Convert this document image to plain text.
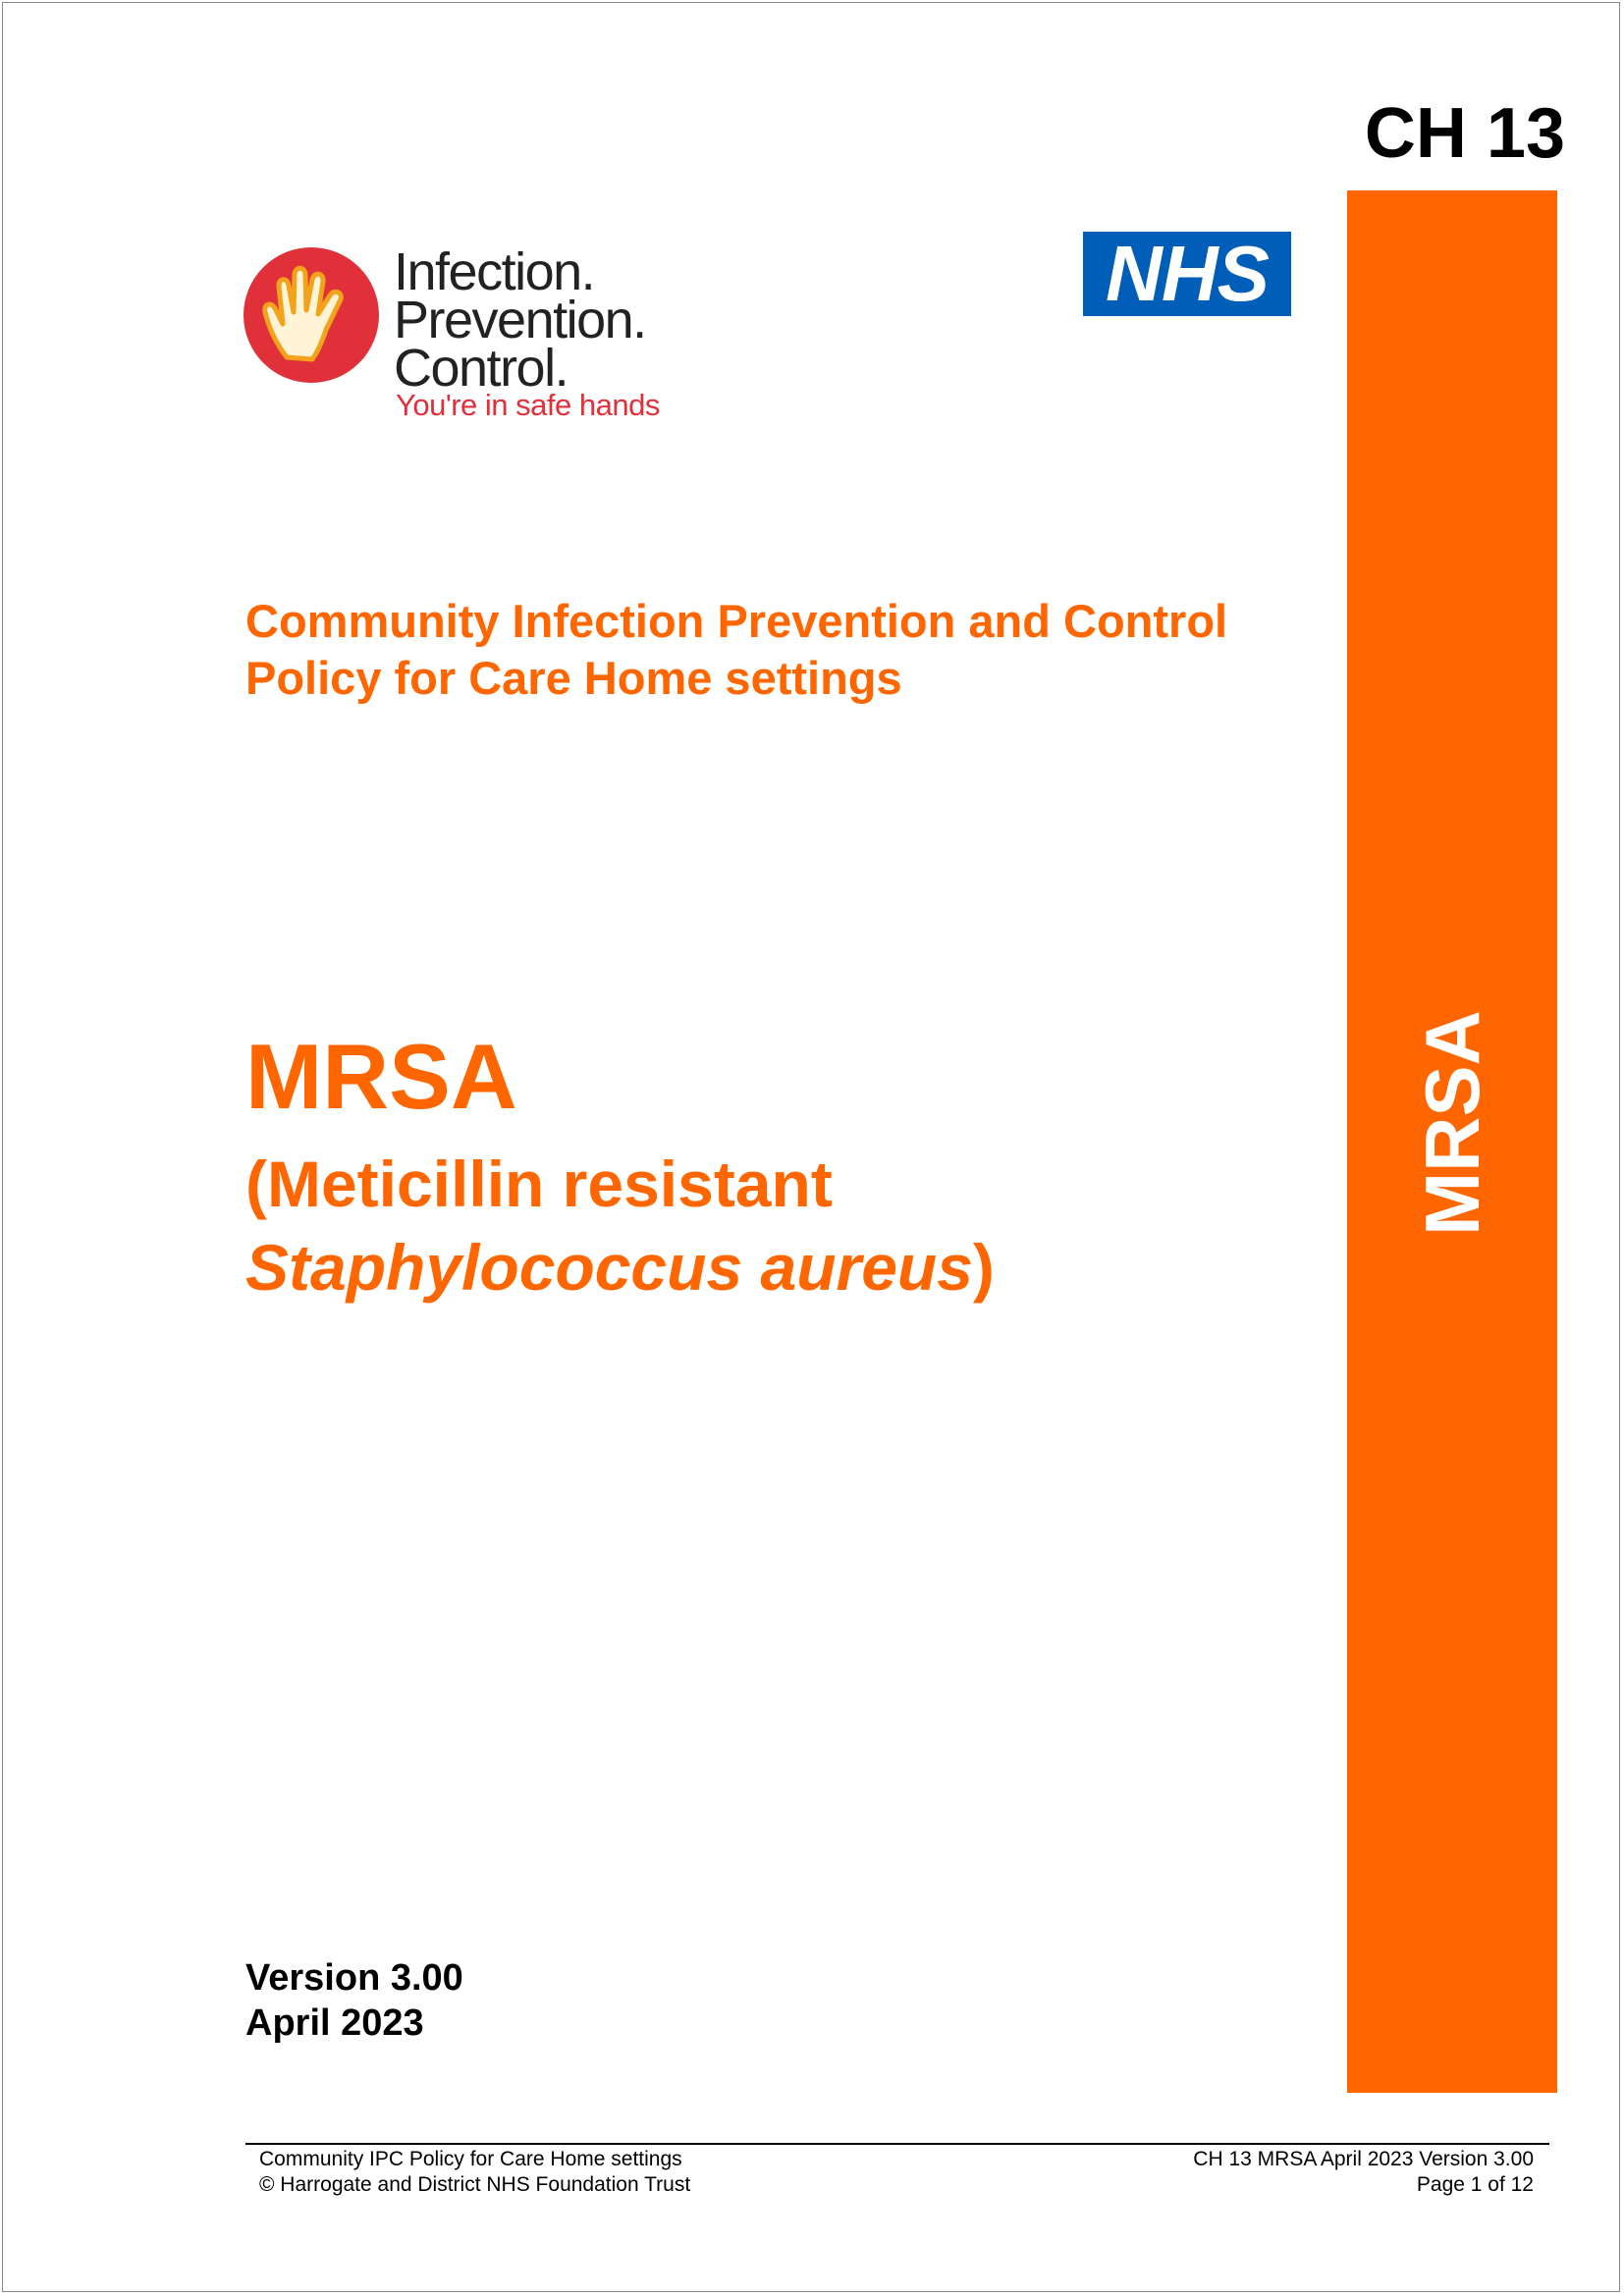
CH 13
MRSA
Infection.
Prevention.
Control.
You're in safe hands
NHS
Community Infection Prevention and Control
Policy for Care Home settings
MRSA
(Meticillin resistant
Staphylococcus aureus)
Version 3.00
April 2023
Community IPC Policy for Care Home settings
© Harrogate and District NHS Foundation Trust
CH 13 MRSA April 2023 Version 3.00
Page 1 of 12
